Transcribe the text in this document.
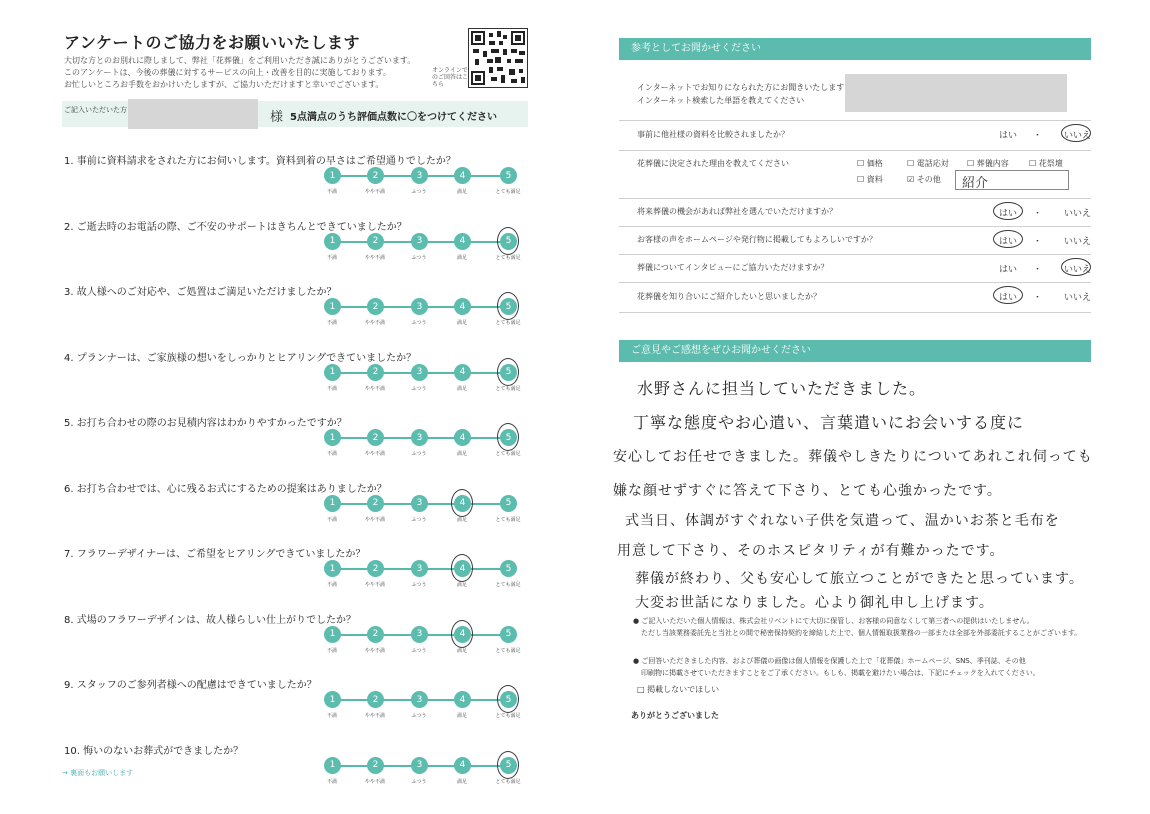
アンケートのご協力をお願いいたします
大切な方とのお別れに際しまして、弊社「花葬儀」をご利用いただき誠にありがとうございます。
このアンケートは、今後の葬儀に対するサービスの向上・改善を目的に実施しております。
お忙しいところお手数をおかけいたしますが、ご協力いただけますと幸いでございます。
オンラインでのご回答はこちら
ご記入いただいた方	様 5点満点のうち評価点数に〇をつけてください
1. 事前に資料請求をされた方にお伺いします。資料到着の早さはご希望通りでしたか？
1
不満
2
やや不満
3
ふつう
4
満足
5
とても満足
2. ご逝去時のお電話の際、ご不安のサポートはきちんとできていましたか？
1
不満
2
やや不満
3
ふつう
4
満足
5
とても満足
3. 故人様へのご対応や、ご処置はご満足いただけましたか？
1
不満
2
やや不満
3
ふつう
4
満足
5
とても満足
4. プランナーは、ご家族様の想いをしっかりとヒアリングできていましたか？
1
不満
2
やや不満
3
ふつう
4
満足
5
とても満足
5. お打ち合わせの際のお見積内容はわかりやすかったですか？
1
不満
2
やや不満
3
ふつう
4
満足
5
とても満足
6. お打ち合わせでは、心に残るお式にするための提案はありましたか？
1
不満
2
やや不満
3
ふつう
4
満足
5
とても満足
7. フラワーデザイナーは、ご希望をヒアリングできていましたか？
1
不満
2
やや不満
3
ふつう
4
満足
5
とても満足
8. 式場のフラワーデザインは、故人様らしい仕上がりでしたか？
1
不満
2
やや不満
3
ふつう
4
満足
5
とても満足
9. スタッフのご参列者様への配慮はできていましたか？
1
不満
2
やや不満
3
ふつう
4
満足
5
とても満足
10. 悔いのないお葬式ができましたか？
1
不満
2
やや不満
3
ふつう
4
満足
5
とても満足
→ 裏面もお願いします
参考としてお聞かせください
インターネットでお知りになられた方にお聞きいたします
インターネット検索した単語を教えてください
事前に他社様の資料を比較されましたか？	はい ・ いいえ
花葬儀に決定された理由を教えてください	☐ 価格	☐ 電話応対 ☐ 葬儀内容	☐ 花祭壇
☐ 資料	☑ その他 紹介
将来葬儀の機会があれば弊社を選んでいただけますか？	はい ・ いいえ
お客様の声をホームページや発行物に掲載してもよろしいですか？	はい ・ いいえ
葬儀についてインタビューにご協力いただけますか？	はい ・ いいえ
花葬儀を知り合いにご紹介したいと思いましたか？	はい ・ いいえ
ご意見やご感想をぜひお聞かせください
水野さんに担当していただきました。
丁寧な態度やお心遣い、言葉遣いにお会いする度に
安心してお任せできました。葬儀やしきたりについてあれこれ伺っても
嫌な顔せずすぐに答えて下さり、とても心強かったです。
式当日、体調がすぐれない子供を気遣って、温かいお茶と毛布を
用意して下さり、そのホスピタリティが有難かったです。
葬儀が終わり、父も安心して旅立つことができたと思っています。
大変お世話になりました。心より御礼申し上げます。
● ご記入いただいた個人情報は、株式会社リベントにて大切に保管し、お客様の同意なくして第三者への提供はいたしません。
ただし当該業務委託先と当社との間で秘密保持契約を締結した上で、個人情報取扱業務の一部または全部を外部委託することがございます。
● ご回答いただきました内容、および葬儀の画像は個人情報を保護した上で「花葬儀」ホームページ、SNS、季刊誌、その他
印刷物に掲載させていただきますことをご了承ください。もしも、掲載を避けたい場合は、下記にチェックを入れてください。
□ 掲載しないでほしい
ありがとうございました
